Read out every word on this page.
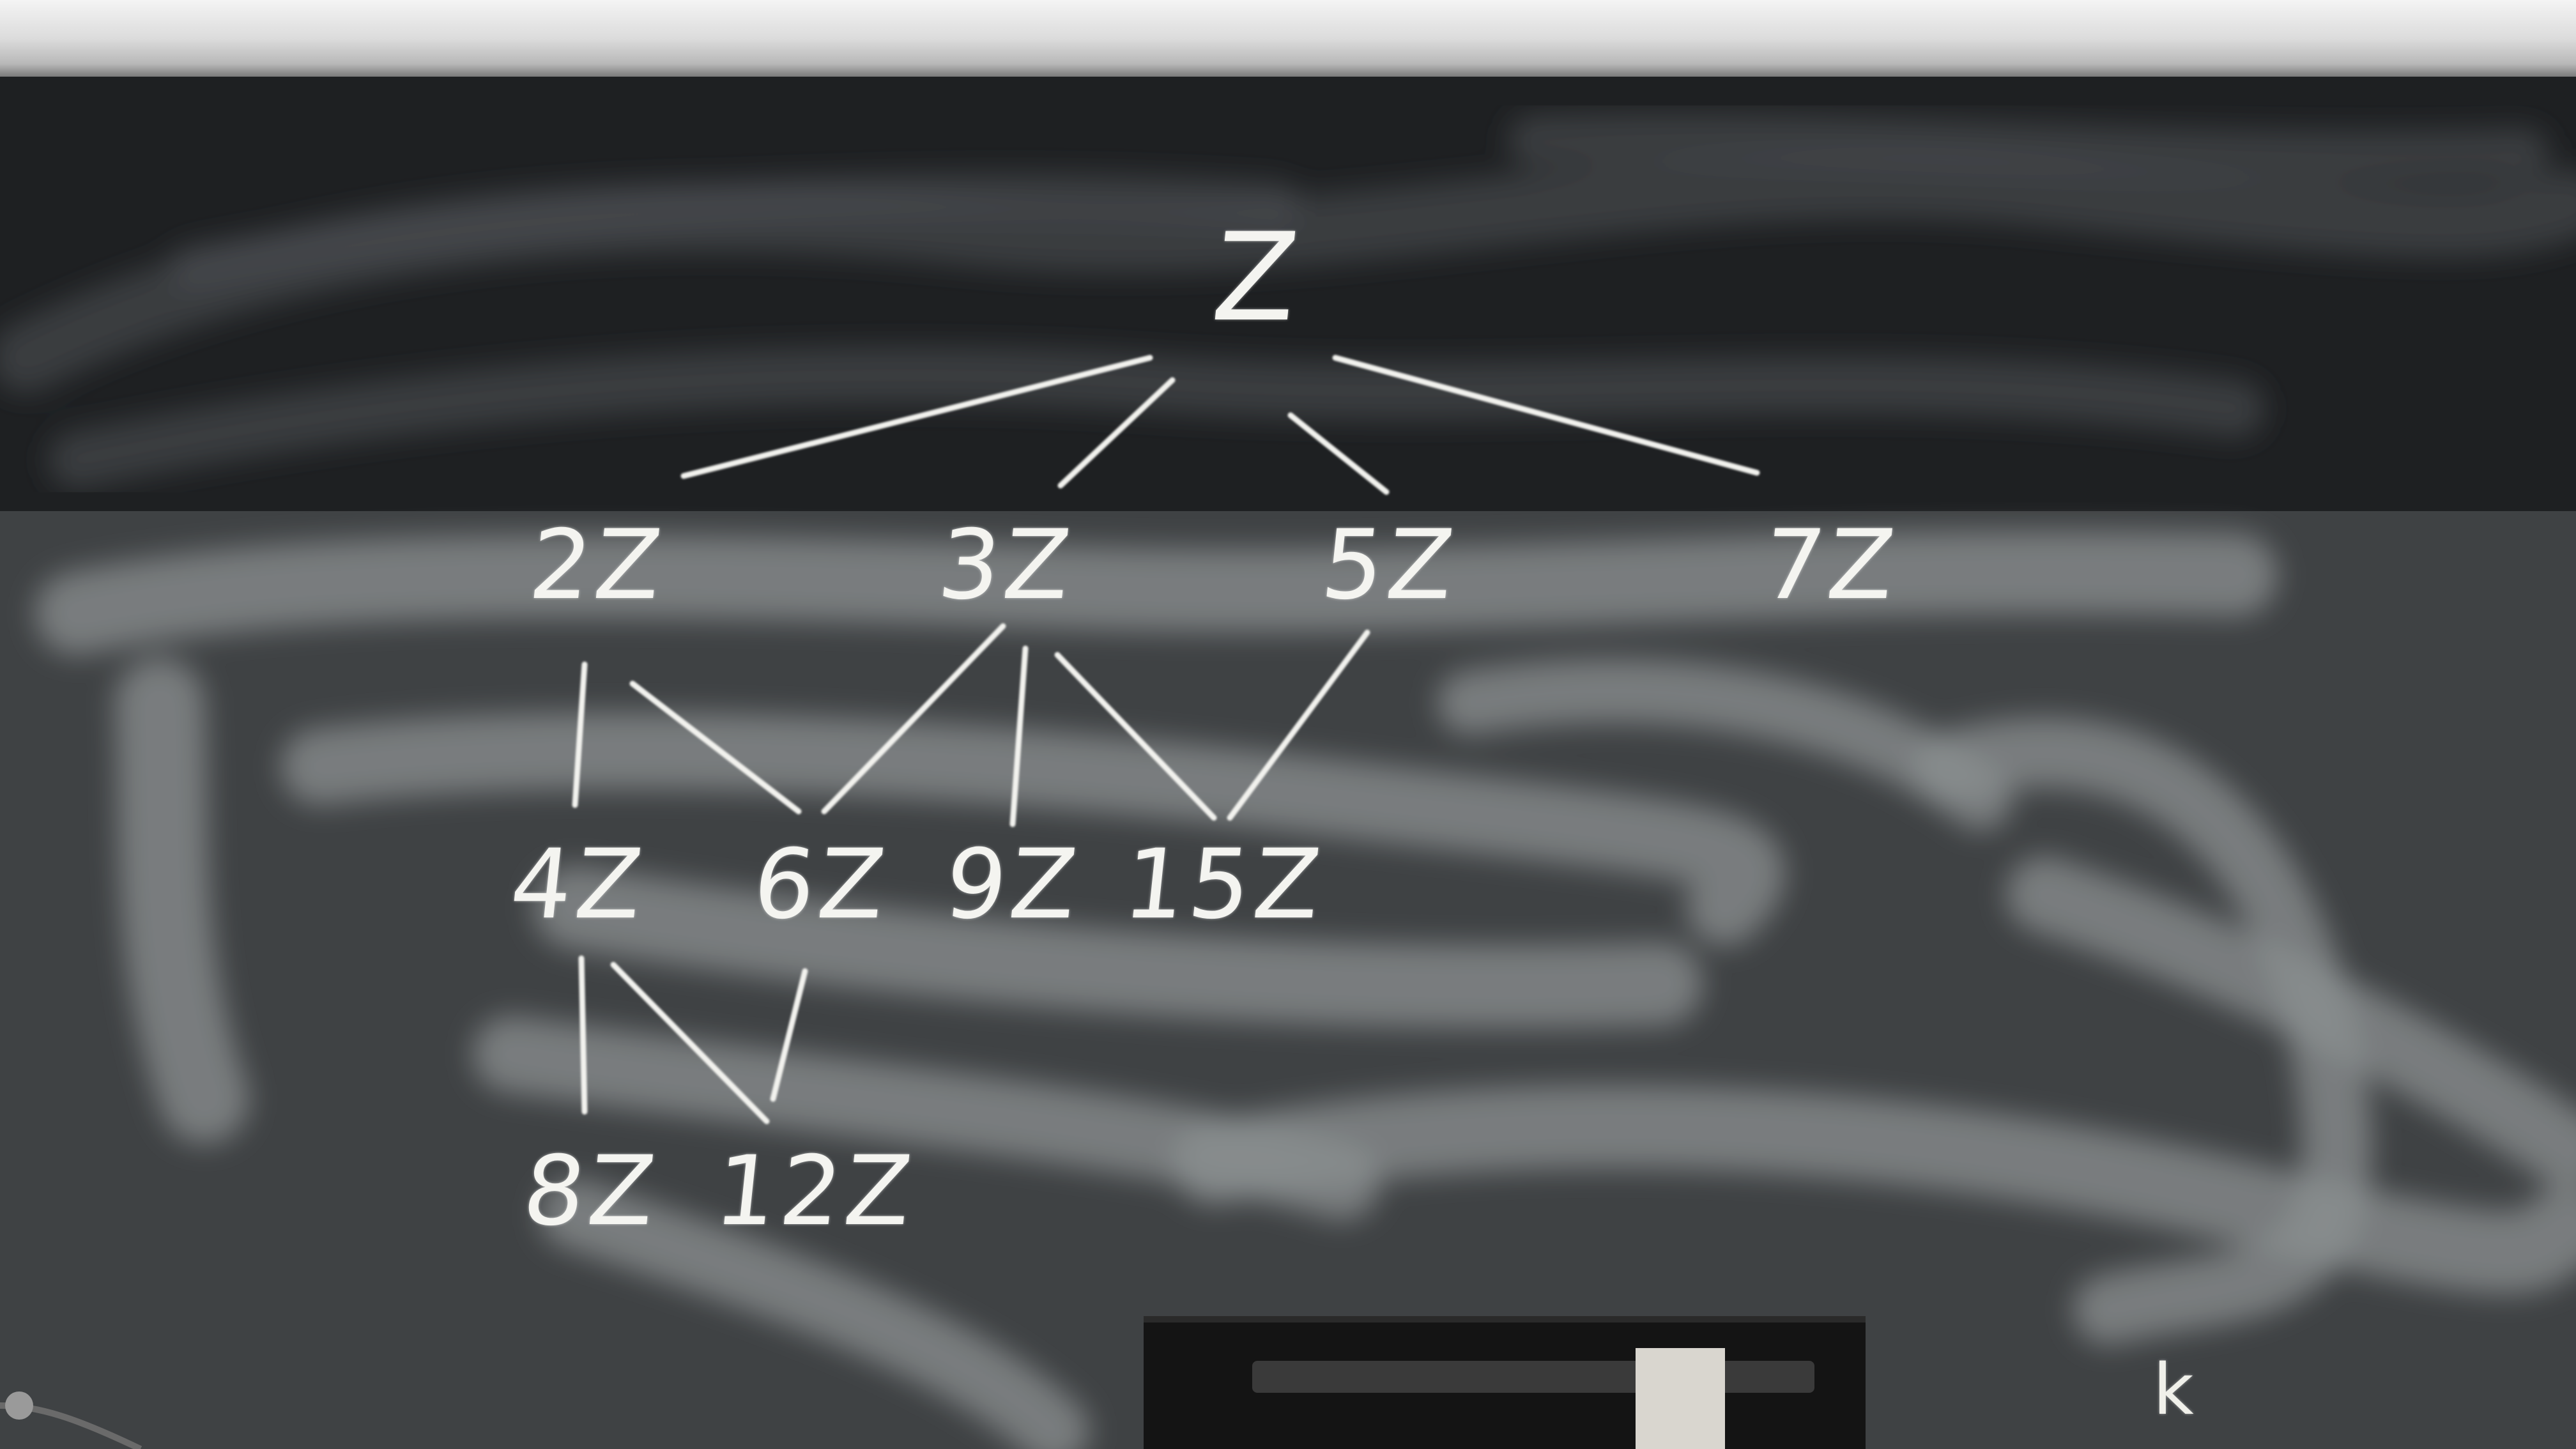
Z
2Z	3Z 5Z	7Z
4Z 6Z 9Z 15Z
8Z 12Z
k
